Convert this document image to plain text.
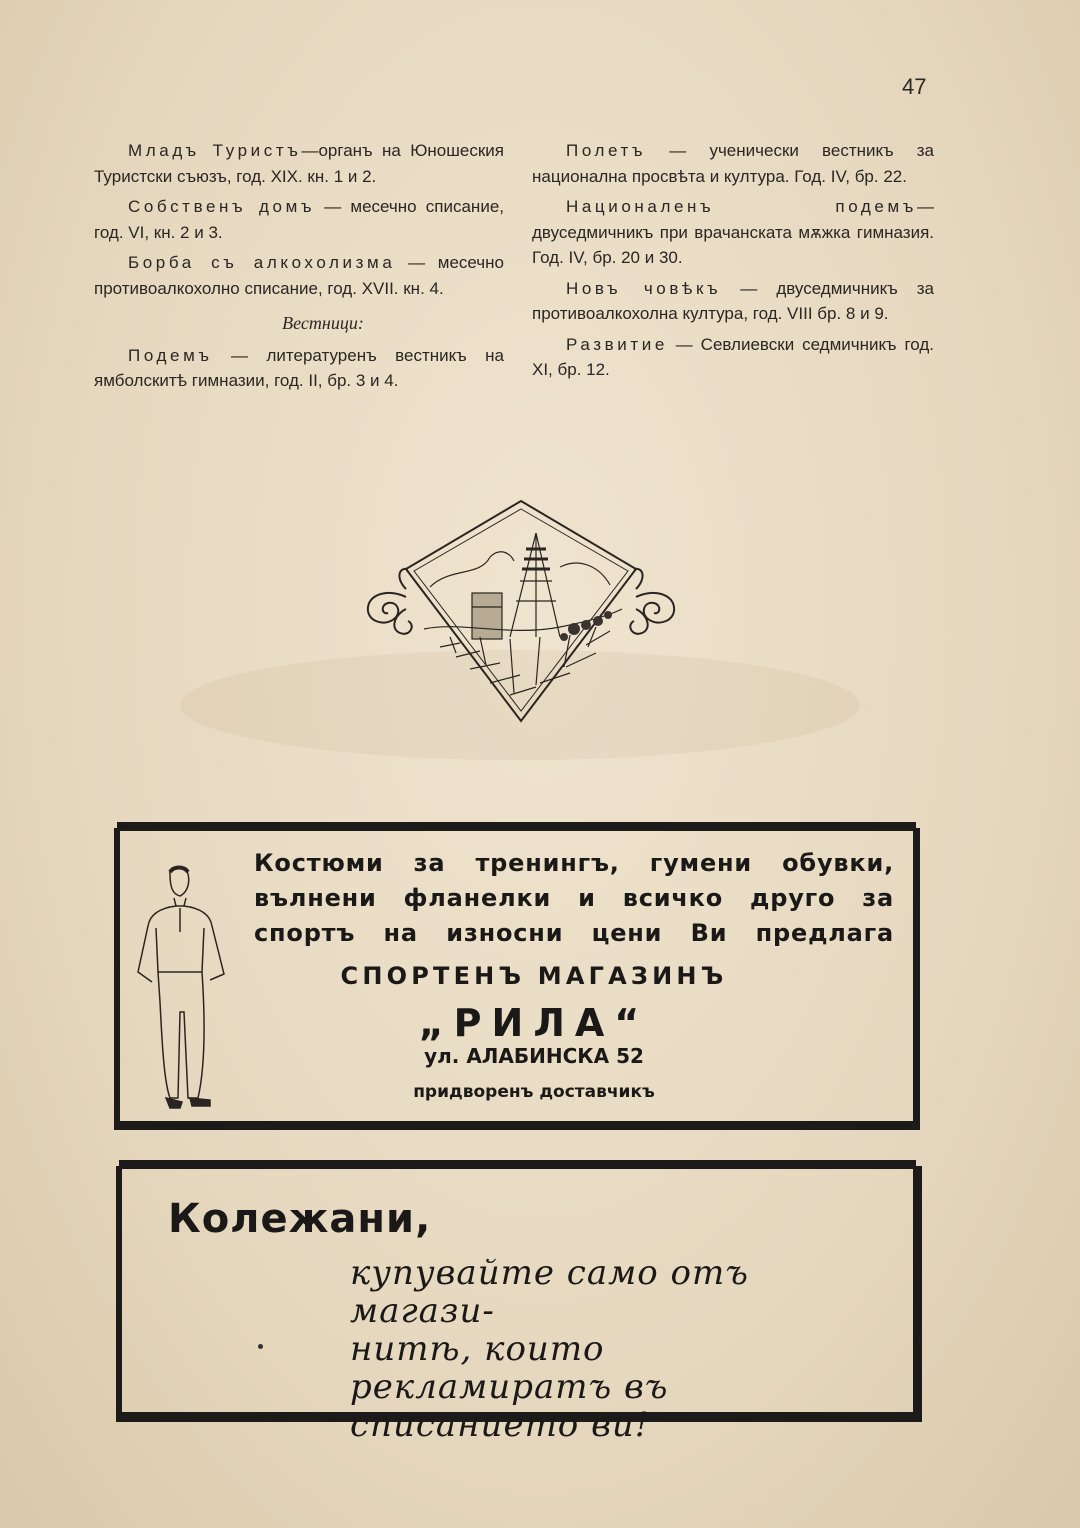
47

Младъ Туристъ—органъ на Юношеския Туристски съюзъ, год. XIX. кн. 1 и 2.

Собственъ домъ — месечно списание, год. VI, кн. 2 и 3.

Борба съ алкохолизма — месечно противоалкохолно списание, год. XVII. кн. 4.

Вестници:

Подемъ — литературенъ вестникъ на ямболскитѣ гимназии, год. II, бр. 3 и 4.

Полетъ — ученически вестникъ за национална просвѣта и култура. Год. IV, бр. 22.

Националенъ подемъ—двуседмичникъ при врачанската мѫжка гимназия. Год. IV, бр. 20 и 30.

Новъ човѣкъ — двуседмичникъ за противоалкохолна култура, год. VIII бр. 8 и 9.

Развитие — Севлиевски седмичникъ год. XI, бр. 12.

Костюми за тренингъ, гумени обувки,
вълнени фланелки и всичко друго за
спортъ на износни цени Ви предлага
СПОРТЕНЪ МАГАЗИНЪ
„РИЛА“
ул. АЛАБИНСКА 52
придворенъ доставчикъ
Колежани,
купувайте само отъ магази-
нитѣ, които рекламиратъ въ
списанието ви!
